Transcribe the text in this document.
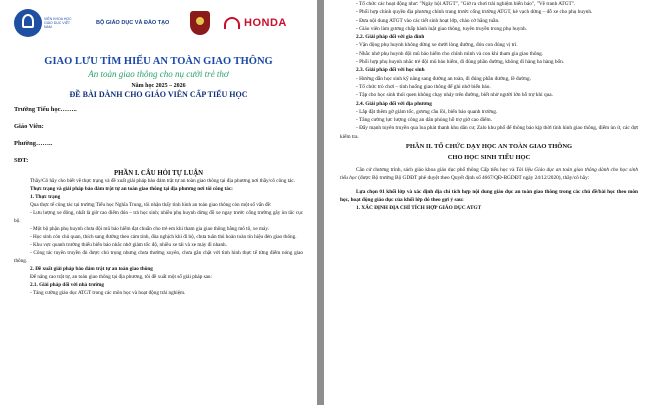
VIỆN KHOA HỌC GIÁO DỤC VIỆT NAM
BỘ GIÁO DỤC VÀ ĐÀO TẠO	HONDA
GIAO LƯU TÌM HIỂU AN TOÀN GIAO THÔNG
An toàn giao thông cho nụ cười trẻ thơ
Năm học 2025 – 2026
ĐỀ BÀI DÀNH CHO GIÁO VIÊN CẤP TIỂU HỌC
Trường Tiểu học……..
Giáo Viên:
Phường……..
SĐT:
PHẦN I. CÂU HỎI TỰ LUẬN

Thầy/Cô hãy cho biết về thực trạng và đề xuất giải pháp bảo đảm trật tự an toàn giao thông tại địa phương nơi thầy/cô công tác.

Thực trạng và giải pháp bảo đảm trật tự an toàn giao thông tại địa phương nơi tôi công tác:

1. Thực trạng

Qua thực tế công tác tại trường Tiểu học Nghĩa Trung, tôi nhận thấy tình hình an toàn giao thông còn một số vấn đề:

- Lưu lượng xe đông, nhất là giờ cao điểm đón – trả học sinh; nhiều phụ huynh dừng đỗ xe ngay trước cổng trường gây ùn tắc cục bộ.

- Một bộ phận phụ huynh chưa đội mũ bảo hiểm đạt chuẩn cho trẻ em khi tham gia giao thông bằng mô tô, xe máy.

- Học sinh còn chủ quan, thích sang đường theo cảm tính, đùa nghịch khi đi bộ, chưa tuân thủ hoàn toàn tín hiệu đèn giao thông.

- Khu vực quanh trường thiếu biển báo nhắc nhở giảm tốc độ, nhiều xe tải và xe máy đi nhanh.

- Công tác tuyên truyền đủ được chú trọng nhưng chưa thường xuyên, chưa gắn chặt với tình hình thực tế từng điểm nóng giao thông.

2. Đề xuất giải pháp bảo đảm trật tự an toàn giao thông

Để nâng cao trật tự, an toàn giao thông tại địa phương, tôi đề xuất một số giải pháp sau:

2.1. Giải pháp đối với nhà trường

- Tăng cường giáo dục ATGT trong các môn học và hoạt động trải nghiệm.

- Tổ chức các hoạt động như: "Ngày hội ATGT", "Giờ ra chơi trải nghiệm biển báo", "Vẽ tranh ATGT".

- Phối hợp chính quyền địa phương chỉnh trang trước cổng trường ATGT, kẻ vạch dừng – đỗ xe cho phụ huynh.

- Đưa nội dung ATGT vào các tiết sinh hoạt lớp, chào cờ hằng tuần.

- Giáo viên làm gương chấp hành luật giao thông, tuyên truyền trong phụ huynh.

2.2. Giải pháp đối với gia đình

- Vận động phụ huynh không dừng xe dưới lòng đường, đón con đúng vị trí.

- Nhắc nhở phụ huynh đội mũ bảo hiểm cho chính mình và con khi tham gia giao thông.

- Phối hợp phụ huynh nhắc trẻ đội mũ bảo hiểm, đi đúng phần đường, không đi hàng ba hàng bốn.

2.3. Giải pháp đối với học sinh

- Hướng dẫn học sinh kỹ năng sang đường an toàn, đi đúng phần đường, lề đường.

- Tổ chức trò chơi – tình huống giao thông để ghi nhớ biển báo.

- Tập cho học sinh thói quen không chạy nhảy trên đường, biết nhờ người lớn hỗ trợ khi qua.

2.4. Giải pháp đối với địa phương

- Lắp đặt thêm gờ giảm tốc, gương cầu lồi, biển báo quanh trường.

- Tăng cường lực lượng công an dân phòng hỗ trợ giờ cao điểm.

- Đẩy mạnh tuyên truyền qua loa phát thanh khu dân cư, Zalo khu phố để thông báo kịp thời tình hình giao thông, điểm ùn ứ, các đợt kiểm tra.

PHẦN II. TỔ CHỨC DẠY HỌC AN TOÀN GIAO THÔNG
CHO HỌC SINH TIỂU HỌC

Căn cứ chương trình, sách giáo khoa giáo dục phổ thông Cấp tiểu học và Tài liệu Giáo dục an toàn giao thông dành cho học sinh tiểu học (được Bộ trưởng Bộ GDĐT phê duyệt theo Quyết định số 4667/QĐ-BGDĐT ngày 24/12/2020), thầy/cô hãy:

Lựa chọn 01 khối lớp và xác định địa chỉ tích hợp nội dung giáo dục an toàn giao thông trong các chủ đề/bài học theo môn học, hoạt động giáo dục của khối lớp đó theo gợi ý sau:

1. XÁC ĐỊNH ĐỊA CHỈ TÍCH HỢP GIÁO DỤC ATGT
